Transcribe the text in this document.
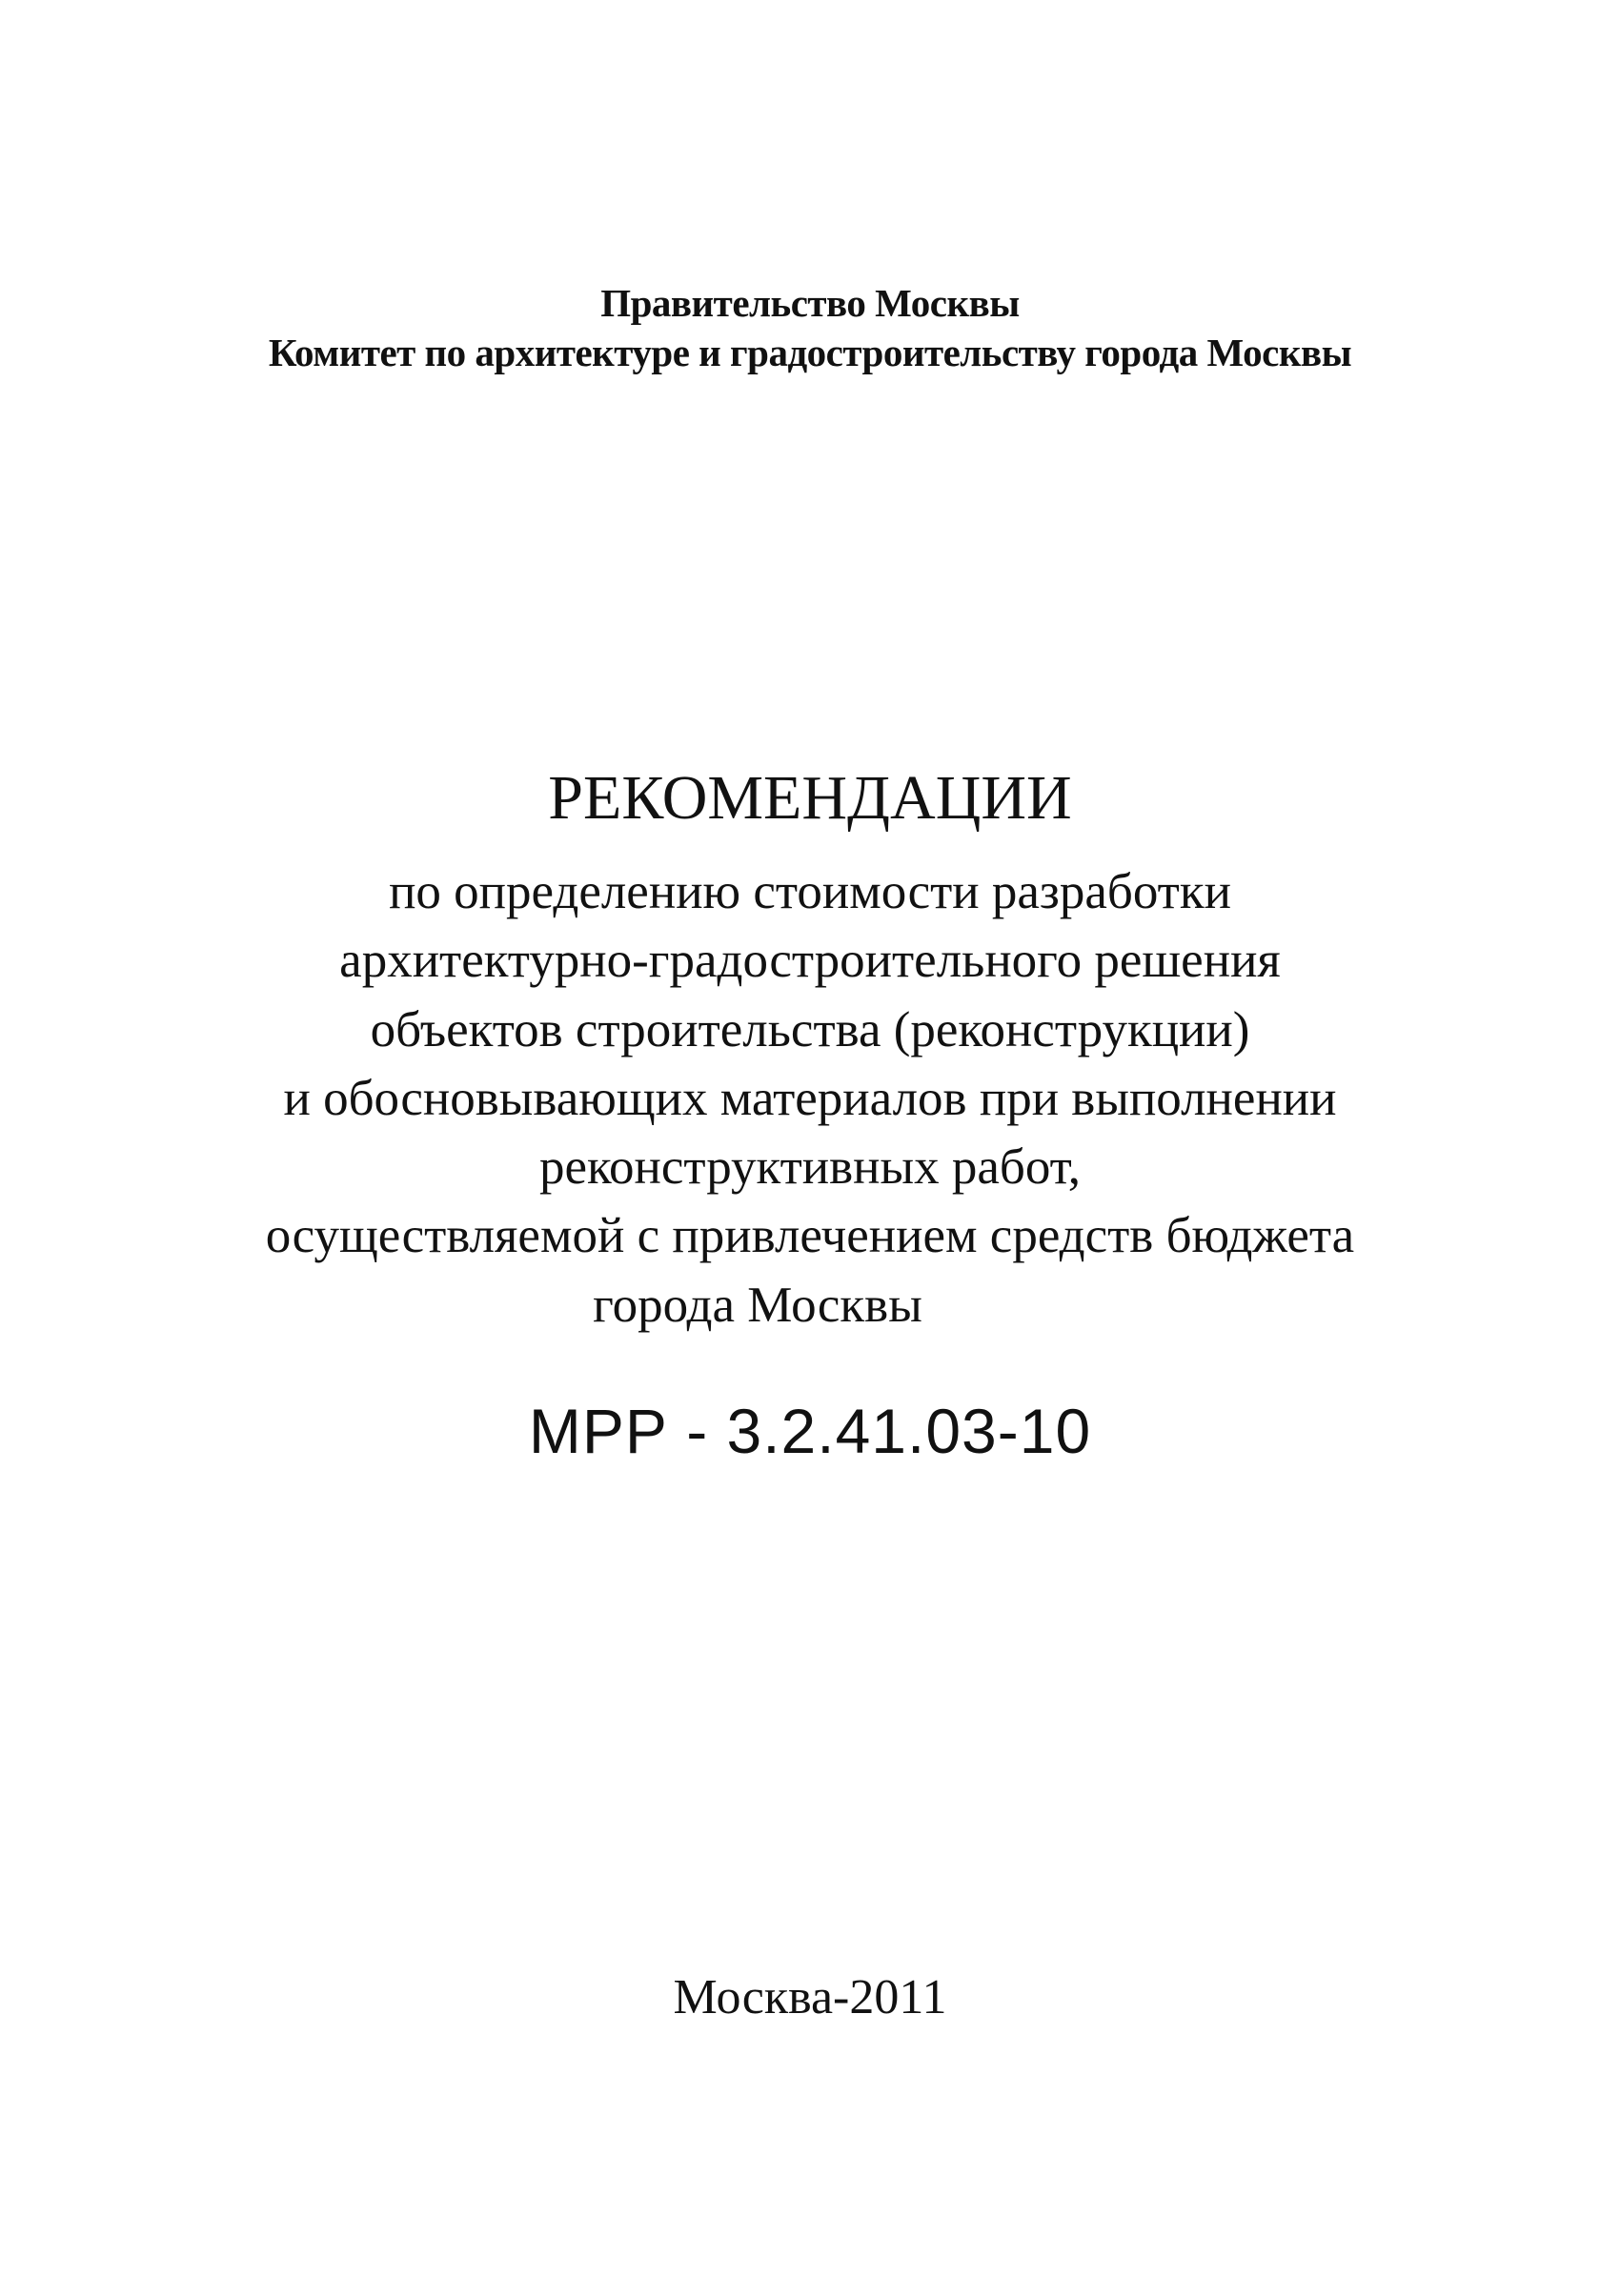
Правительство Москвы
Комитет по архитектуре и градостроительству города Москвы
РЕКОМЕНДАЦИИ
по определению стоимости разработки
архитектурно-градостроительного решения
объектов строительства (реконструкции)
и обосновывающих материалов при выполнении
реконструктивных работ,
осуществляемой с привлечением средств бюджета
города Москвы
МРР - 3.2.41.03-10
Москва-2011
